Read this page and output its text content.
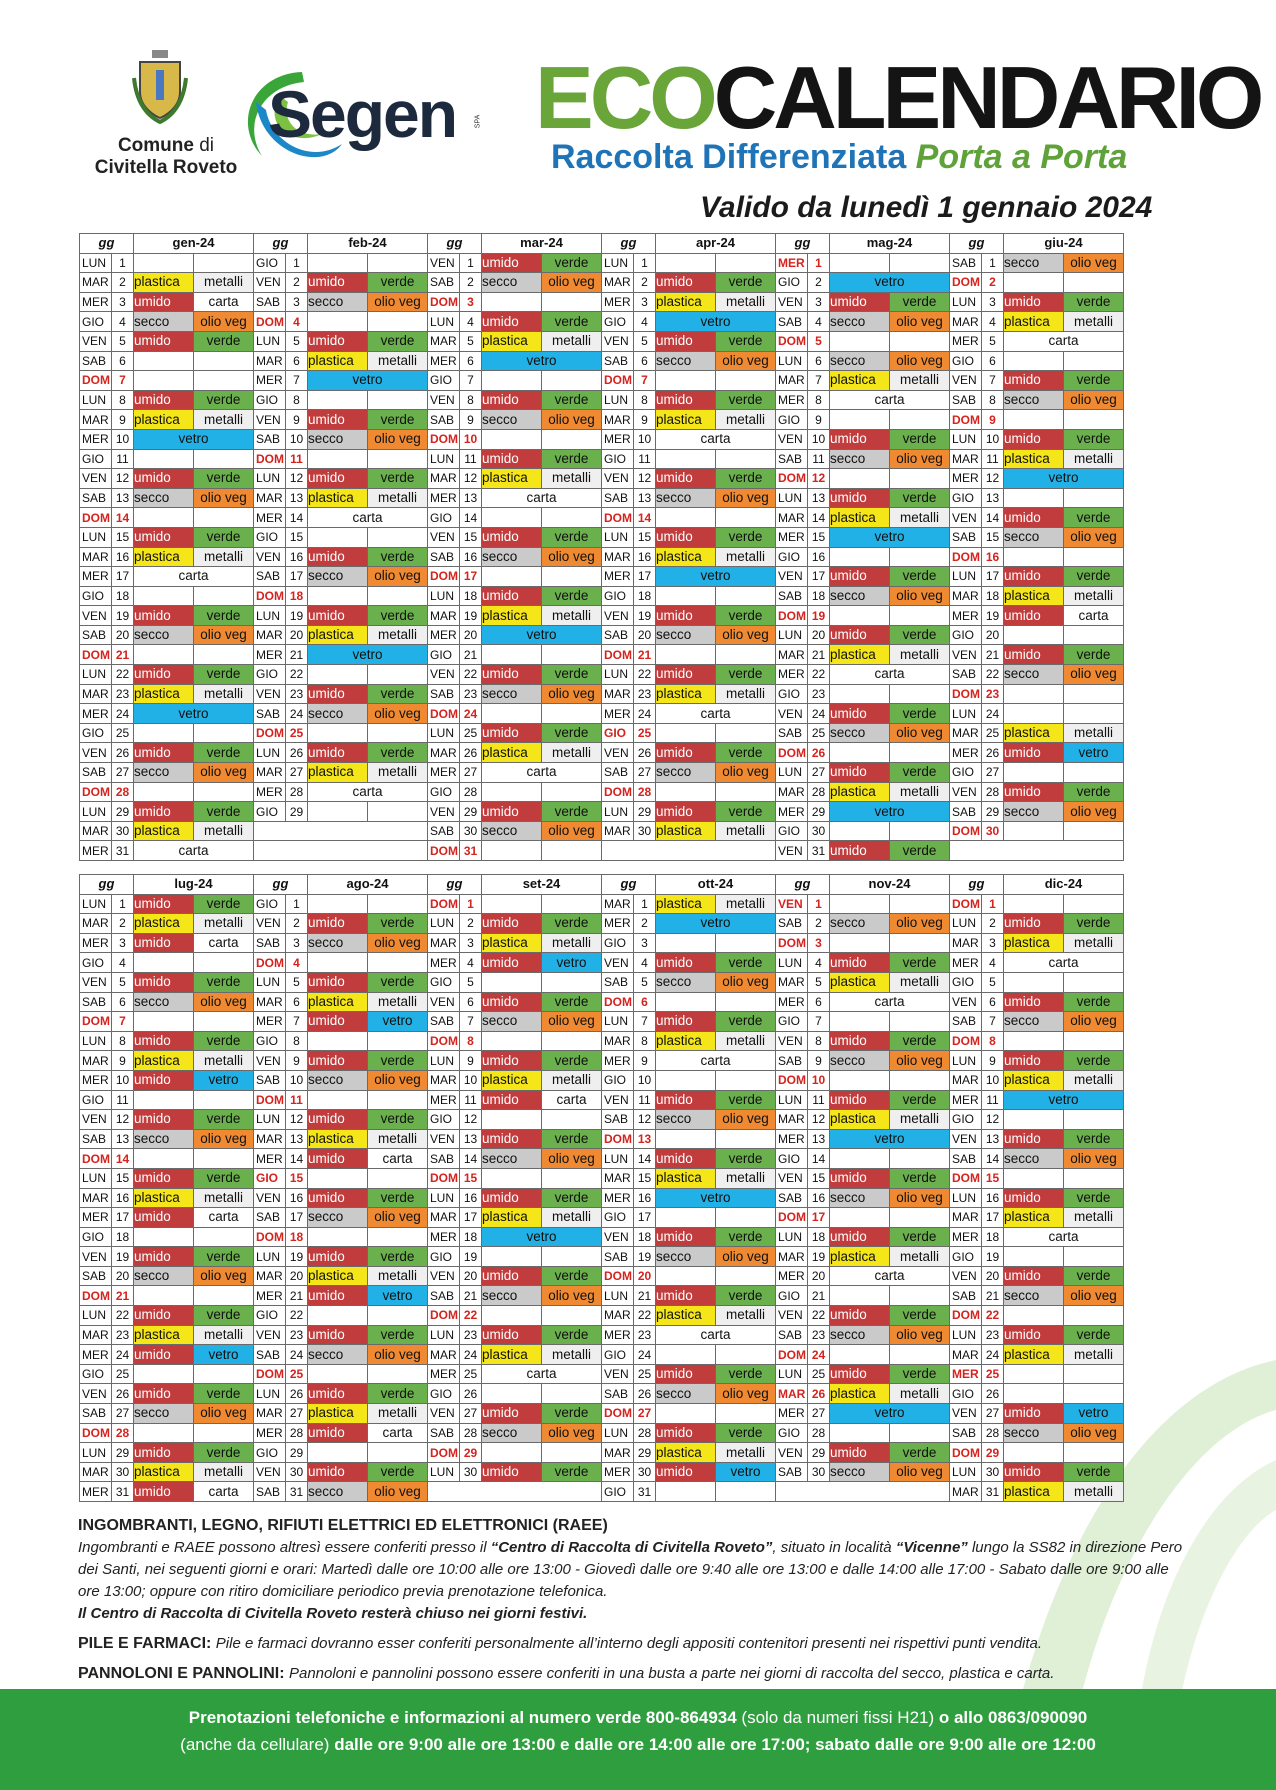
Comune di
Civitella Roveto
Segen	SPA ECOCALENDARIO
Raccolta Differenziata Porta a Porta
Valido da lunedì 1 gennaio 2024
gg		gen-24		gg		feb-24		gg		mar-24		gg		apr-24		gg		mag-24		gg		giu-24	
LUN	1			GIO	1			VEN	1	umido	verde	LUN	1			MER	1			SAB	1	secco	olio veg
MAR	2	plastica	metalli	VEN	2	umido	verde	SAB	2	secco	olio veg	MAR	2	umido	verde	GIO	2	vetro		DOM	2		
MER	3	umido	carta	SAB	3	secco	olio veg	DOM	3			MER	3	plastica	metalli	VEN	3	umido	verde	LUN	3	umido	verde
GIO	4	secco	olio veg	DOM	4			LUN	4	umido	verde	GIO	4	vetro		SAB	4	secco	olio veg	MAR	4	plastica	metalli
VEN	5	umido	verde	LUN	5	umido	verde	MAR	5	plastica	metalli	VEN	5	umido	verde	DOM	5			MER	5	carta	
SAB	6			MAR	6	plastica	metalli	MER	6	vetro		SAB	6	secco	olio veg	LUN	6	secco	olio veg	GIO	6		
DOM	7			MER	7	vetro		GIO	7			DOM	7			MAR	7	plastica	metalli	VEN	7	umido	verde
LUN	8	umido	verde	GIO	8			VEN	8	umido	verde	LUN	8	umido	verde	MER	8	carta		SAB	8	secco	olio veg
MAR	9	plastica	metalli	VEN	9	umido	verde	SAB	9	secco	olio veg	MAR	9	plastica	metalli	GIO	9			DOM	9		
MER	10	vetro		SAB	10	secco	olio veg	DOM	10			MER	10	carta		VEN	10	umido	verde	LUN	10	umido	verde
GIO	11			DOM	11			LUN	11	umido	verde	GIO	11			SAB	11	secco	olio veg	MAR	11	plastica	metalli
VEN	12	umido	verde	LUN	12	umido	verde	MAR	12	plastica	metalli	VEN	12	umido	verde	DOM	12			MER	12	vetro	
SAB	13	secco	olio veg	MAR	13	plastica	metalli	MER	13	carta		SAB	13	secco	olio veg	LUN	13	umido	verde	GIO	13		
DOM	14			MER	14	carta		GIO	14			DOM	14			MAR	14	plastica	metalli	VEN	14	umido	verde
LUN	15	umido	verde	GIO	15			VEN	15	umido	verde	LUN	15	umido	verde	MER	15	vetro		SAB	15	secco	olio veg
MAR	16	plastica	metalli	VEN	16	umido	verde	SAB	16	secco	olio veg	MAR	16	plastica	metalli	GIO	16			DOM	16		
MER	17	carta		SAB	17	secco	olio veg	DOM	17			MER	17	vetro		VEN	17	umido	verde	LUN	17	umido	verde
GIO	18			DOM	18			LUN	18	umido	verde	GIO	18			SAB	18	secco	olio veg	MAR	18	plastica	metalli
VEN	19	umido	verde	LUN	19	umido	verde	MAR	19	plastica	metalli	VEN	19	umido	verde	DOM	19			MER	19	umido	carta
SAB	20	secco	olio veg	MAR	20	plastica	metalli	MER	20	vetro		SAB	20	secco	olio veg	LUN	20	umido	verde	GIO	20		
DOM	21			MER	21	vetro		GIO	21			DOM	21			MAR	21	plastica	metalli	VEN	21	umido	verde
LUN	22	umido	verde	GIO	22			VEN	22	umido	verde	LUN	22	umido	verde	MER	22	carta		SAB	22	secco	olio veg
MAR	23	plastica	metalli	VEN	23	umido	verde	SAB	23	secco	olio veg	MAR	23	plastica	metalli	GIO	23			DOM	23		
MER	24	vetro		SAB	24	secco	olio veg	DOM	24			MER	24	carta		VEN	24	umido	verde	LUN	24		
GIO	25			DOM	25			LUN	25	umido	verde	GIO	25			SAB	25	secco	olio veg	MAR	25	plastica	metalli
VEN	26	umido	verde	LUN	26	umido	verde	MAR	26	plastica	metalli	VEN	26	umido	verde	DOM	26			MER	26	umido	vetro
SAB	27	secco	olio veg	MAR	27	plastica	metalli	MER	27	carta		SAB	27	secco	olio veg	LUN	27	umido	verde	GIO	27		
DOM	28			MER	28	carta		GIO	28			DOM	28			MAR	28	plastica	metalli	VEN	28	umido	verde
LUN	29	umido	verde	GIO	29			VEN	29	umido	verde	LUN	29	umido	verde	MER	29	vetro		SAB	29	secco	olio veg
MAR	30	plastica	metalli					SAB	30	secco	olio veg	MAR	30	plastica	metalli	GIO	30			DOM	30		
MER	31	carta						DOM	31							VEN	31	umido	verde				
gg		lug-24		gg		ago-24		gg		set-24		gg		ott-24		gg		nov-24		gg		dic-24	
LUN	1	umido	verde	GIO	1			DOM	1			MAR	1	plastica	metalli	VEN	1			DOM	1		
MAR	2	plastica	metalli	VEN	2	umido	verde	LUN	2	umido	verde	MER	2	vetro		SAB	2	secco	olio veg	LUN	2	umido	verde
MER	3	umido	carta	SAB	3	secco	olio veg	MAR	3	plastica	metalli	GIO	3			DOM	3			MAR	3	plastica	metalli
GIO	4			DOM	4			MER	4	umido	vetro	VEN	4	umido	verde	LUN	4	umido	verde	MER	4	carta	
VEN	5	umido	verde	LUN	5	umido	verde	GIO	5			SAB	5	secco	olio veg	MAR	5	plastica	metalli	GIO	5		
SAB	6	secco	olio veg	MAR	6	plastica	metalli	VEN	6	umido	verde	DOM	6			MER	6	carta		VEN	6	umido	verde
DOM	7			MER	7	umido	vetro	SAB	7	secco	olio veg	LUN	7	umido	verde	GIO	7			SAB	7	secco	olio veg
LUN	8	umido	verde	GIO	8			DOM	8			MAR	8	plastica	metalli	VEN	8	umido	verde	DOM	8		
MAR	9	plastica	metalli	VEN	9	umido	verde	LUN	9	umido	verde	MER	9	carta		SAB	9	secco	olio veg	LUN	9	umido	verde
MER	10	umido	vetro	SAB	10	secco	olio veg	MAR	10	plastica	metalli	GIO	10			DOM	10			MAR	10	plastica	metalli
GIO	11			DOM	11			MER	11	umido	carta	VEN	11	umido	verde	LUN	11	umido	verde	MER	11	vetro	
VEN	12	umido	verde	LUN	12	umido	verde	GIO	12			SAB	12	secco	olio veg	MAR	12	plastica	metalli	GIO	12		
SAB	13	secco	olio veg	MAR	13	plastica	metalli	VEN	13	umido	verde	DOM	13			MER	13	vetro		VEN	13	umido	verde
DOM	14			MER	14	umido	carta	SAB	14	secco	olio veg	LUN	14	umido	verde	GIO	14			SAB	14	secco	olio veg
LUN	15	umido	verde	GIO	15			DOM	15			MAR	15	plastica	metalli	VEN	15	umido	verde	DOM	15		
MAR	16	plastica	metalli	VEN	16	umido	verde	LUN	16	umido	verde	MER	16	vetro		SAB	16	secco	olio veg	LUN	16	umido	verde
MER	17	umido	carta	SAB	17	secco	olio veg	MAR	17	plastica	metalli	GIO	17			DOM	17			MAR	17	plastica	metalli
GIO	18			DOM	18			MER	18	vetro		VEN	18	umido	verde	LUN	18	umido	verde	MER	18	carta	
VEN	19	umido	verde	LUN	19	umido	verde	GIO	19			SAB	19	secco	olio veg	MAR	19	plastica	metalli	GIO	19		
SAB	20	secco	olio veg	MAR	20	plastica	metalli	VEN	20	umido	verde	DOM	20			MER	20	carta		VEN	20	umido	verde
DOM	21			MER	21	umido	vetro	SAB	21	secco	olio veg	LUN	21	umido	verde	GIO	21			SAB	21	secco	olio veg
LUN	22	umido	verde	GIO	22			DOM	22			MAR	22	plastica	metalli	VEN	22	umido	verde	DOM	22		
MAR	23	plastica	metalli	VEN	23	umido	verde	LUN	23	umido	verde	MER	23	carta		SAB	23	secco	olio veg	LUN	23	umido	verde
MER	24	umido	vetro	SAB	24	secco	olio veg	MAR	24	plastica	metalli	GIO	24			DOM	24			MAR	24	plastica	metalli
GIO	25			DOM	25			MER	25	carta		VEN	25	umido	verde	LUN	25	umido	verde	MER	25		
VEN	26	umido	verde	LUN	26	umido	verde	GIO	26			SAB	26	secco	olio veg	MAR	26	plastica	metalli	GIO	26		
SAB	27	secco	olio veg	MAR	27	plastica	metalli	VEN	27	umido	verde	DOM	27			MER	27	vetro		VEN	27	umido	vetro
DOM	28			MER	28	umido	carta	SAB	28	secco	olio veg	LUN	28	umido	verde	GIO	28			SAB	28	secco	olio veg
LUN	29	umido	verde	GIO	29			DOM	29			MAR	29	plastica	metalli	VEN	29	umido	verde	DOM	29		
MAR	30	plastica	metalli	VEN	30	umido	verde	LUN	30	umido	verde	MER	30	umido	vetro	SAB	30	secco	olio veg	LUN	30	umido	verde
MER	31	umido	carta	SAB	31	secco	olio veg					GIO	31							MAR	31	plastica	metalli
INGOMBRANTI, LEGNO, RIFIUTI ELETTRICI ED ELETTRONICI (RAEE)

Ingombranti e RAEE possono altresì essere conferiti presso il “Centro di Raccolta di Civitella Roveto”, situato in località “Vicenne” lungo la SS82 in direzione Pero dei Santi, nei seguenti giorni e orari: Martedì dalle ore 10:00 alle ore 13:00 - Giovedì dalle ore 9:40 alle ore 13:00 e dalle 14:00 alle 17:00 - Sabato dalle ore 9:00 alle ore 13:00; oppure con ritiro domiciliare periodico previa prenotazione telefonica.
Il Centro di Raccolta di Civitella Roveto resterà chiuso nei giorni festivi.

PILE E FARMACI: Pile e farmaci dovranno esser conferiti personalmente all’interno degli appositi contenitori presenti nei rispettivi punti vendita.

PANNOLONI E PANNOLINI: Pannoloni e pannolini possono essere conferiti in una busta a parte nei giorni di raccolta del secco, plastica e carta.

Prenotazioni telefoniche e informazioni al numero verde 800-864934 (solo da numeri fissi H21) o allo 0863/090090
(anche da cellulare) dalle ore 9:00 alle ore 13:00 e dalle ore 14:00 alle ore 17:00; sabato dalle ore 9:00 alle ore 12:00
